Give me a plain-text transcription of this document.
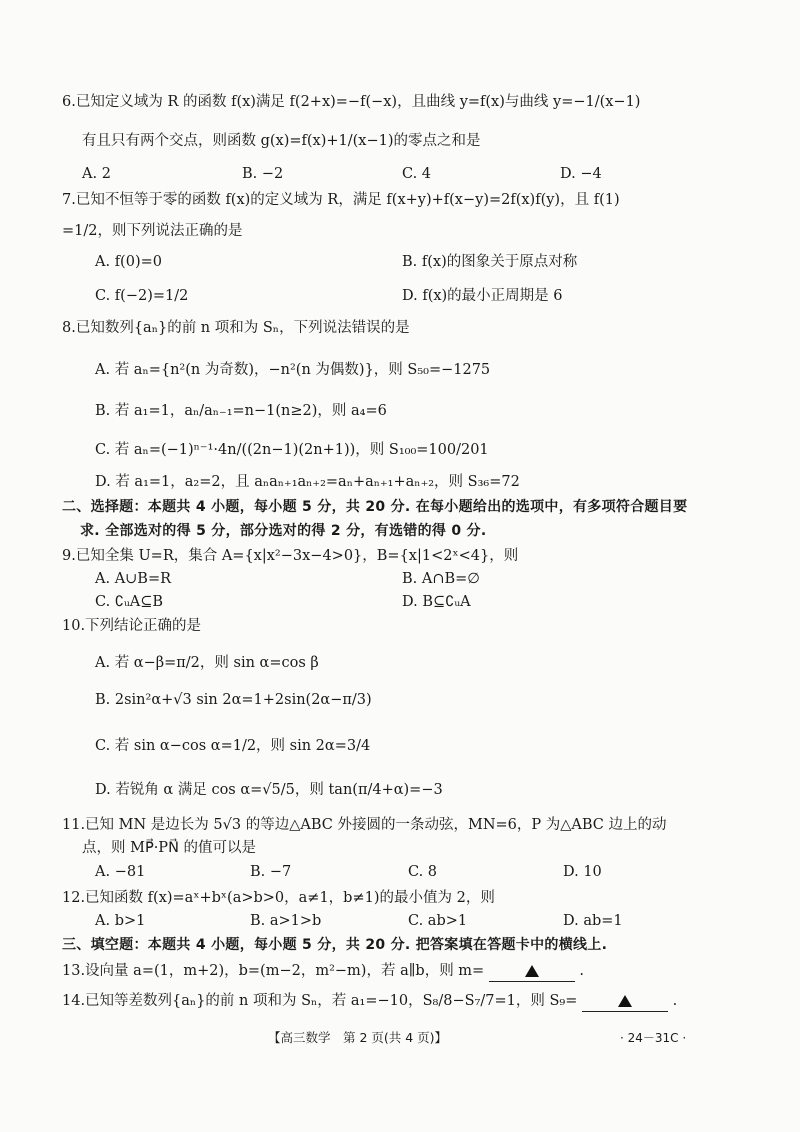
6.已知定义域为 R 的函数 f(x)满足 f(2+x)=−f(−x)，且曲线 y=f(x)与曲线 y=−1/(x−1)
有且只有两个交点，则函数 g(x)=f(x)+1/(x−1)的零点之和是
A. 2	B. −2	C. 4	D. −4
7.已知不恒等于零的函数 f(x)的定义域为 R，满足 f(x+y)+f(x−y)=2f(x)f(y)，且 f(1)
=1/2，则下列说法正确的是
A. f(0)=0	B. f(x)的图象关于原点对称
C. f(−2)=1/2	D. f(x)的最小正周期是 6
8.已知数列{aₙ}的前 n 项和为 Sₙ，下列说法错误的是
A. 若 aₙ={n²(n 为奇数)，−n²(n 为偶数)}，则 S₅₀=−1275
B. 若 a₁=1，aₙ/aₙ₋₁=n−1(n≥2)，则 a₄=6
C. 若 aₙ=(−1)ⁿ⁻¹·4n/((2n−1)(2n+1))，则 S₁₀₀=100/201
D. 若 a₁=1，a₂=2，且 aₙaₙ₊₁aₙ₊₂=aₙ+aₙ₊₁+aₙ₊₂，则 S₃₆=72
二、选择题：本题共 4 小题，每小题 5 分，共 20 分. 在每小题给出的选项中，有多项符合题目要
求. 全部选对的得 5 分，部分选对的得 2 分，有选错的得 0 分.
9.已知全集 U=R，集合 A={x|x²−3x−4>0}，B={x|1<2ˣ<4}，则
A. A∪B=R	B. A∩B=∅
C. ∁ᵤA⊆B	D. B⊆∁ᵤA
10.下列结论正确的是
A. 若 α−β=π/2，则 sin α=cos β
B. 2sin²α+√3 sin 2α=1+2sin(2α−π/3)
C. 若 sin α−cos α=1/2，则 sin 2α=3/4
D. 若锐角 α 满足 cos α=√5/5，则 tan(π/4+α)=−3
11.已知 MN 是边长为 5√3 的等边△ABC 外接圆的一条动弦，MN=6，P 为△ABC 边上的动
点，则 MP⃗·PN⃗ 的值可以是
A. −81	B. −7	C. 8	D. 10
12.已知函数 f(x)=aˣ+bˣ(a>b>0，a≠1，b≠1)的最小值为 2，则
A. b>1	B. a>1>b	C. ab>1	D. ab=1
三、填空题：本题共 4 小题，每小题 5 分，共 20 分. 把答案填在答题卡中的横线上.
13.设向量 a=(1，m+2)，b=(m−2，m²−m)，若 a∥b，则 m=	.
14.已知等差数列{aₙ}的前 n 项和为 Sₙ，若 a₁=−10，S₈/8−S₇/7=1，则 S₉=	.
【高三数学　第 2 页(共 4 页)】	· 24－31C ·
